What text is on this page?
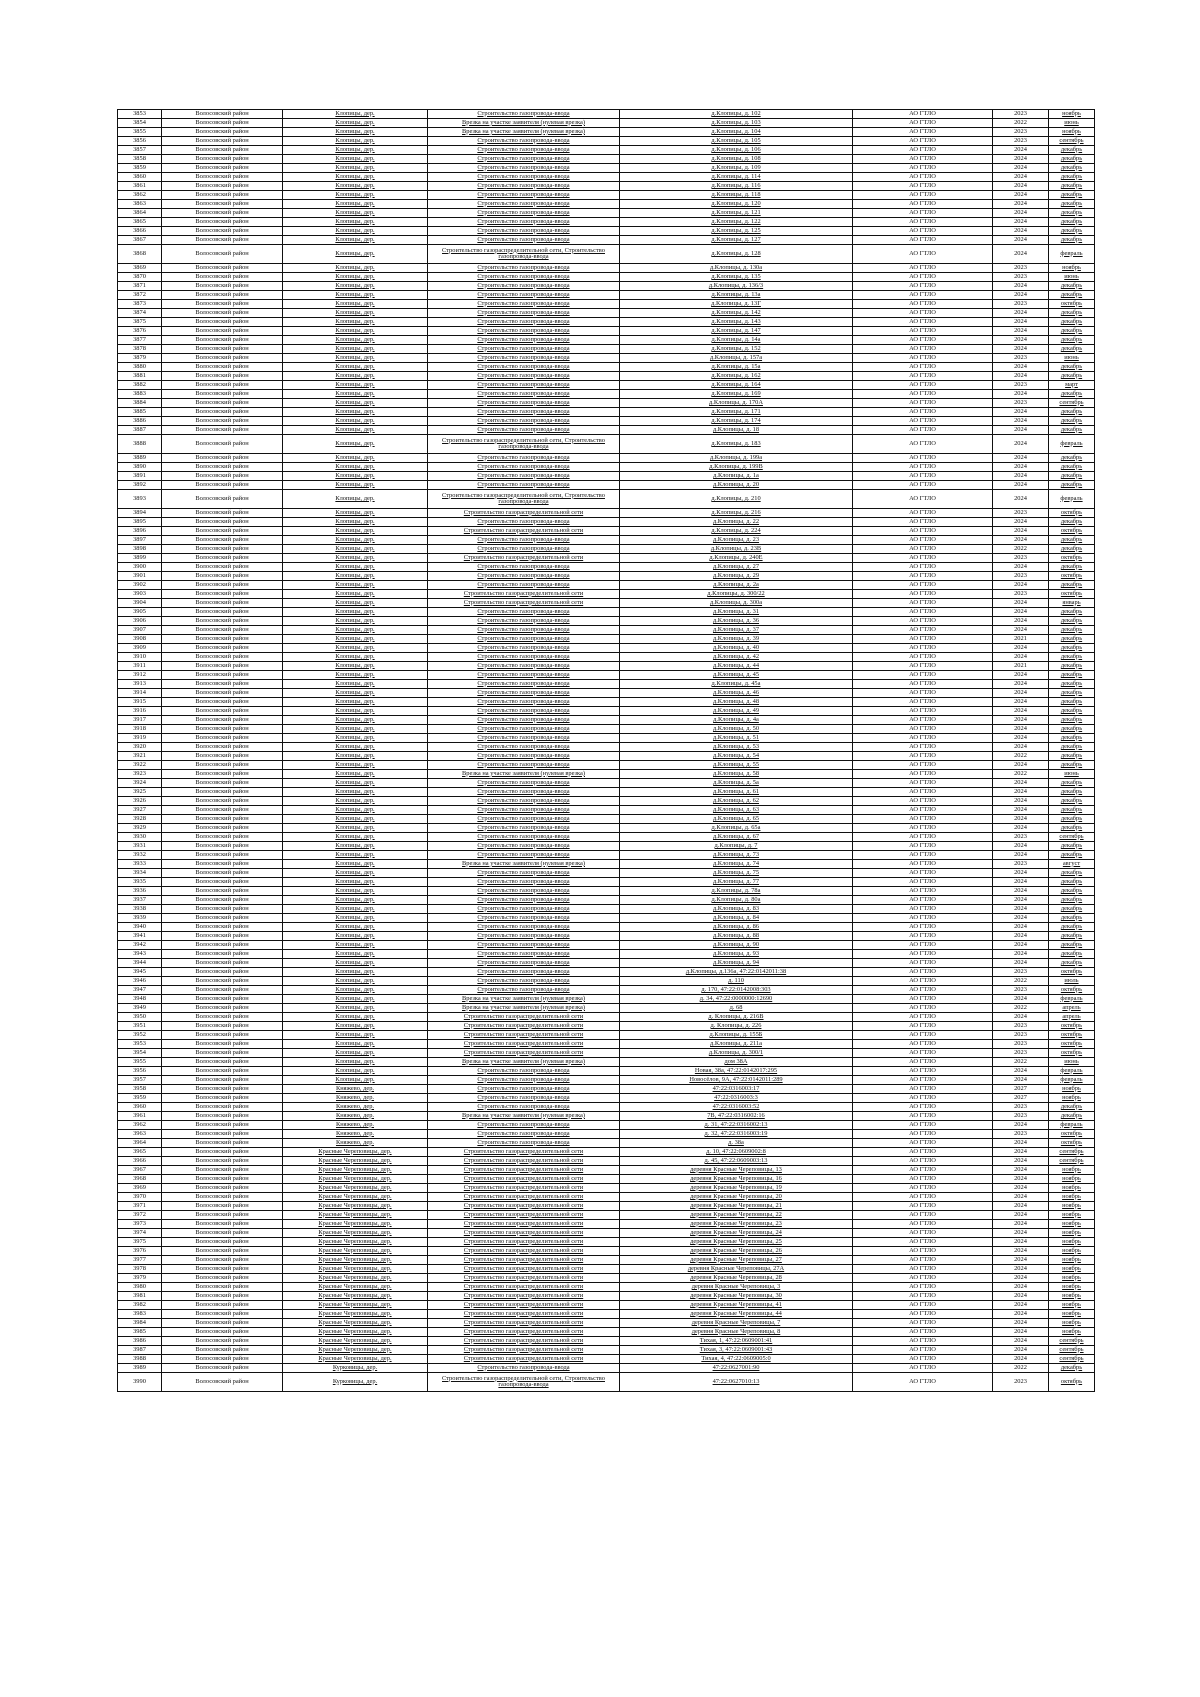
3853	Волосовский район	Клопицы, дер.	Строительство газопровода-ввода	д.Клопицы, д. 102	АО ГТЛО	2023	ноябрь
3854	Волосовский район	Клопицы, дер.	Врезка на участке заявителя (нулевая врезка)	д.Клопицы, д. 103	АО ГТЛО	2022	июнь
3855	Волосовский район	Клопицы, дер.	Врезка на участке заявителя (нулевая врезка)	д.Клопицы, д. 104	АО ГТЛО	2023	ноябрь
3856	Волосовский район	Клопицы, дер.	Строительство газопровода-ввода	д.Клопицы, д. 105	АО ГТЛО	2023	сентябрь
3857	Волосовский район	Клопицы, дер.	Строительство газопровода-ввода	д.Клопицы, д. 106	АО ГТЛО	2024	декабрь
3858	Волосовский район	Клопицы, дер.	Строительство газопровода-ввода	д.Клопицы, д. 108	АО ГТЛО	2024	декабрь
3859	Волосовский район	Клопицы, дер.	Строительство газопровода-ввода	д.Клопицы, д. 109	АО ГТЛО	2024	декабрь
3860	Волосовский район	Клопицы, дер.	Строительство газопровода-ввода	д.Клопицы, д. 114	АО ГТЛО	2024	декабрь
3861	Волосовский район	Клопицы, дер.	Строительство газопровода-ввода	д.Клопицы, д. 116	АО ГТЛО	2024	декабрь
3862	Волосовский район	Клопицы, дер.	Строительство газопровода-ввода	д.Клопицы, д. 118	АО ГТЛО	2024	декабрь
3863	Волосовский район	Клопицы, дер.	Строительство газопровода-ввода	д.Клопицы, д. 120	АО ГТЛО	2024	декабрь
3864	Волосовский район	Клопицы, дер.	Строительство газопровода-ввода	д.Клопицы, д. 121	АО ГТЛО	2024	декабрь
3865	Волосовский район	Клопицы, дер.	Строительство газопровода-ввода	д.Клопицы, д. 122	АО ГТЛО	2024	декабрь
3866	Волосовский район	Клопицы, дер.	Строительство газопровода-ввода	д.Клопицы, д. 125	АО ГТЛО	2024	декабрь
3867	Волосовский район	Клопицы, дер.	Строительство газопровода-ввода	д.Клопицы, д. 127	АО ГТЛО	2024	декабрь
3868	Волосовский район	Клопицы, дер.	Строительство газораспределительной сети, Строительство газопровода-ввода	д.Клопицы, д. 128	АО ГТЛО	2024	февраль
3869	Волосовский район	Клопицы, дер.	Строительство газопровода-ввода	д.Клопицы, д. 130а	АО ГТЛО	2023	ноябрь
3870	Волосовский район	Клопицы, дер.	Строительство газопровода-ввода	д.Клопицы, д. 135	АО ГТЛО	2023	июнь
3871	Волосовский район	Клопицы, дер.	Строительство газопровода-ввода	д.Клопицы, д. 136/3	АО ГТЛО	2024	декабрь
3872	Волосовский район	Клопицы, дер.	Строительство газопровода-ввода	д.Клопицы, д. 13а	АО ГТЛО	2024	декабрь
3873	Волосовский район	Клопицы, дер.	Строительство газопровода-ввода	д.Клопицы, д. 13Г	АО ГТЛО	2023	октябрь
3874	Волосовский район	Клопицы, дер.	Строительство газопровода-ввода	д.Клопицы, д. 142	АО ГТЛО	2024	декабрь
3875	Волосовский район	Клопицы, дер.	Строительство газопровода-ввода	д.Клопицы, д. 143	АО ГТЛО	2024	декабрь
3876	Волосовский район	Клопицы, дер.	Строительство газопровода-ввода	д.Клопицы, д. 147	АО ГТЛО	2024	декабрь
3877	Волосовский район	Клопицы, дер.	Строительство газопровода-ввода	д.Клопицы, д. 14а	АО ГТЛО	2024	декабрь
3878	Волосовский район	Клопицы, дер.	Строительство газопровода-ввода	д.Клопицы, д. 152	АО ГТЛО	2024	декабрь
3879	Волосовский район	Клопицы, дер.	Строительство газопровода-ввода	д.Клопицы, д. 157а	АО ГТЛО	2023	июнь
3880	Волосовский район	Клопицы, дер.	Строительство газопровода-ввода	д.Клопицы, д. 15а	АО ГТЛО	2024	декабрь
3881	Волосовский район	Клопицы, дер.	Строительство газопровода-ввода	д.Клопицы, д. 162	АО ГТЛО	2024	декабрь
3882	Волосовский район	Клопицы, дер.	Строительство газопровода-ввода	д.Клопицы, д. 164	АО ГТЛО	2023	март
3883	Волосовский район	Клопицы, дер.	Строительство газопровода-ввода	д.Клопицы, д. 169	АО ГТЛО	2024	декабрь
3884	Волосовский район	Клопицы, дер.	Строительство газопровода-ввода	д.Клопицы, д. 170А	АО ГТЛО	2023	сентябрь
3885	Волосовский район	Клопицы, дер.	Строительство газопровода-ввода	д.Клопицы, д. 171	АО ГТЛО	2024	декабрь
3886	Волосовский район	Клопицы, дер.	Строительство газопровода-ввода	д.Клопицы, д. 174	АО ГТЛО	2024	декабрь
3887	Волосовский район	Клопицы, дер.	Строительство газопровода-ввода	д.Клопицы, д. 18	АО ГТЛО	2024	декабрь
3888	Волосовский район	Клопицы, дер.	Строительство газораспределительной сети, Строительство газопровода-ввода	д.Клопицы, д. 183	АО ГТЛО	2024	февраль
3889	Волосовский район	Клопицы, дер.	Строительство газопровода-ввода	д.Клопицы, д. 199а	АО ГТЛО	2024	декабрь
3890	Волосовский район	Клопицы, дер.	Строительство газопровода-ввода	д.Клопицы, д. 199В	АО ГТЛО	2024	декабрь
3891	Волосовский район	Клопицы, дер.	Строительство газопровода-ввода	д.Клопицы, д. 1а	АО ГТЛО	2024	декабрь
3892	Волосовский район	Клопицы, дер.	Строительство газопровода-ввода	д.Клопицы, д. 20	АО ГТЛО	2024	декабрь
3893	Волосовский район	Клопицы, дер.	Строительство газораспределительной сети, Строительство газопровода-ввода	д.Клопицы, д. 210	АО ГТЛО	2024	февраль
3894	Волосовский район	Клопицы, дер.	Строительство газораспределительной сети	д.Клопицы, д. 216	АО ГТЛО	2023	октябрь
3895	Волосовский район	Клопицы, дер.	Строительство газопровода-ввода	д.Клопицы, д. 22	АО ГТЛО	2024	декабрь
3896	Волосовский район	Клопицы, дер.	Строительство газораспределительной сети	д.Клопицы, д. 224	АО ГТЛО	2024	октябрь
3897	Волосовский район	Клопицы, дер.	Строительство газопровода-ввода	д.Клопицы, д. 23	АО ГТЛО	2024	декабрь
3898	Волосовский район	Клопицы, дер.	Строительство газопровода-ввода	д.Клопицы, д. 23В	АО ГТЛО	2022	декабрь
3899	Волосовский район	Клопицы, дер.	Строительство газораспределительной сети	д.Клопицы, д. 240Е	АО ГТЛО	2023	октябрь
3900	Волосовский район	Клопицы, дер.	Строительство газопровода-ввода	д.Клопицы, д. 27	АО ГТЛО	2024	декабрь
3901	Волосовский район	Клопицы, дер.	Строительство газопровода-ввода	д.Клопицы, д. 29	АО ГТЛО	2023	октябрь
3902	Волосовский район	Клопицы, дер.	Строительство газопровода-ввода	д.Клопицы, д. 2а	АО ГТЛО	2024	декабрь
3903	Волосовский район	Клопицы, дер.	Строительство газораспределительной сети	д.Клопицы, д. 300/22	АО ГТЛО	2023	октябрь
3904	Волосовский район	Клопицы, дер.	Строительство газораспределительной сети	д.Клопицы, д. 300а	АО ГТЛО	2024	январь
3905	Волосовский район	Клопицы, дер.	Строительство газопровода-ввода	д.Клопицы, д. 31	АО ГТЛО	2024	декабрь
3906	Волосовский район	Клопицы, дер.	Строительство газопровода-ввода	д.Клопицы, д. 36	АО ГТЛО	2024	декабрь
3907	Волосовский район	Клопицы, дер.	Строительство газопровода-ввода	д.Клопицы, д. 37	АО ГТЛО	2024	декабрь
3908	Волосовский район	Клопицы, дер.	Строительство газопровода-ввода	д.Клопицы, д. 39	АО ГТЛО	2021	декабрь
3909	Волосовский район	Клопицы, дер.	Строительство газопровода-ввода	д.Клопицы, д. 40	АО ГТЛО	2024	декабрь
3910	Волосовский район	Клопицы, дер.	Строительство газопровода-ввода	д.Клопицы, д. 42	АО ГТЛО	2024	декабрь
3911	Волосовский район	Клопицы, дер.	Строительство газопровода-ввода	д.Клопицы, д. 44	АО ГТЛО	2021	декабрь
3912	Волосовский район	Клопицы, дер.	Строительство газопровода-ввода	д.Клопицы, д. 45	АО ГТЛО	2024	декабрь
3913	Волосовский район	Клопицы, дер.	Строительство газопровода-ввода	д.Клопицы, д. 45а	АО ГТЛО	2024	декабрь
3914	Волосовский район	Клопицы, дер.	Строительство газопровода-ввода	д.Клопицы, д. 46	АО ГТЛО	2024	декабрь
3915	Волосовский район	Клопицы, дер.	Строительство газопровода-ввода	д.Клопицы, д. 48	АО ГТЛО	2024	декабрь
3916	Волосовский район	Клопицы, дер.	Строительство газопровода-ввода	д.Клопицы, д. 49	АО ГТЛО	2024	декабрь
3917	Волосовский район	Клопицы, дер.	Строительство газопровода-ввода	д.Клопицы, д. 4а	АО ГТЛО	2024	декабрь
3918	Волосовский район	Клопицы, дер.	Строительство газопровода-ввода	д.Клопицы, д. 50	АО ГТЛО	2024	декабрь
3919	Волосовский район	Клопицы, дер.	Строительство газопровода-ввода	д.Клопицы, д. 51	АО ГТЛО	2024	декабрь
3920	Волосовский район	Клопицы, дер.	Строительство газопровода-ввода	д.Клопицы, д. 53	АО ГТЛО	2024	декабрь
3921	Волосовский район	Клопицы, дер.	Строительство газопровода-ввода	д.Клопицы, д. 54	АО ГТЛО	2022	декабрь
3922	Волосовский район	Клопицы, дер.	Строительство газопровода-ввода	д.Клопицы, д. 55	АО ГТЛО	2024	декабрь
3923	Волосовский район	Клопицы, дер.	Врезка на участке заявителя (нулевая врезка)	д.Клопицы, д. 58	АО ГТЛО	2022	июнь
3924	Волосовский район	Клопицы, дер.	Строительство газопровода-ввода	д.Клопицы, д. 5а	АО ГТЛО	2024	декабрь
3925	Волосовский район	Клопицы, дер.	Строительство газопровода-ввода	д.Клопицы, д. 61	АО ГТЛО	2024	декабрь
3926	Волосовский район	Клопицы, дер.	Строительство газопровода-ввода	д.Клопицы, д. 62	АО ГТЛО	2024	декабрь
3927	Волосовский район	Клопицы, дер.	Строительство газопровода-ввода	д.Клопицы, д. 63	АО ГТЛО	2024	декабрь
3928	Волосовский район	Клопицы, дер.	Строительство газопровода-ввода	д.Клопицы, д. 65	АО ГТЛО	2024	декабрь
3929	Волосовский район	Клопицы, дер.	Строительство газопровода-ввода	д.Клопицы, д. 65а	АО ГТЛО	2024	декабрь
3930	Волосовский район	Клопицы, дер.	Строительство газопровода-ввода	д.Клопицы, д. 67	АО ГТЛО	2023	сентябрь
3931	Волосовский район	Клопицы, дер.	Строительство газопровода-ввода	д.Клопицы, д. 7	АО ГТЛО	2024	декабрь
3932	Волосовский район	Клопицы, дер.	Строительство газопровода-ввода	д.Клопицы, д. 73	АО ГТЛО	2024	декабрь
3933	Волосовский район	Клопицы, дер.	Врезка на участке заявителя (нулевая врезка)	д.Клопицы, д. 74	АО ГТЛО	2023	август
3934	Волосовский район	Клопицы, дер.	Строительство газопровода-ввода	д.Клопицы, д. 75	АО ГТЛО	2024	декабрь
3935	Волосовский район	Клопицы, дер.	Строительство газопровода-ввода	д.Клопицы, д. 77	АО ГТЛО	2024	декабрь
3936	Волосовский район	Клопицы, дер.	Строительство газопровода-ввода	д.Клопицы, д. 78а	АО ГТЛО	2024	декабрь
3937	Волосовский район	Клопицы, дер.	Строительство газопровода-ввода	д.Клопицы, д. 80а	АО ГТЛО	2024	декабрь
3938	Волосовский район	Клопицы, дер.	Строительство газопровода-ввода	д.Клопицы, д. 83	АО ГТЛО	2024	декабрь
3939	Волосовский район	Клопицы, дер.	Строительство газопровода-ввода	д.Клопицы, д. 84	АО ГТЛО	2024	декабрь
3940	Волосовский район	Клопицы, дер.	Строительство газопровода-ввода	д.Клопицы, д. 86	АО ГТЛО	2024	декабрь
3941	Волосовский район	Клопицы, дер.	Строительство газопровода-ввода	д.Клопицы, д. 88	АО ГТЛО	2024	декабрь
3942	Волосовский район	Клопицы, дер.	Строительство газопровода-ввода	д.Клопицы, д. 90	АО ГТЛО	2024	декабрь
3943	Волосовский район	Клопицы, дер.	Строительство газопровода-ввода	д.Клопицы, д. 93	АО ГТЛО	2024	декабрь
3944	Волосовский район	Клопицы, дер.	Строительство газопровода-ввода	д.Клопицы, д. 94	АО ГТЛО	2024	декабрь
3945	Волосовский район	Клопицы, дер.	Строительство газопровода-ввода	д.Клопицы, д.136а, 47:22:0142011:38	АО ГТЛО	2023	октябрь
3946	Волосовский район	Клопицы, дер.	Строительство газопровода-ввода	д. 110	АО ГТЛО	2022	июль
3947	Волосовский район	Клопицы, дер.	Строительство газопровода-ввода	д. 170, 47:22:0142008:303	АО ГТЛО	2023	октябрь
3948	Волосовский район	Клопицы, дер.	Врезка на участке заявителя (нулевая врезка)	д. 34, 47:22:0000000:12690	АО ГТЛО	2024	февраль
3949	Волосовский район	Клопицы, дер.	Врезка на участке заявителя (нулевая врезка)	д. 68	АО ГТЛО	2022	апрель
3950	Волосовский район	Клопицы, дер.	Строительство газораспределительной сети	д. Клопицы, д. 216В	АО ГТЛО	2024	апрель
3951	Волосовский район	Клопицы, дер.	Строительство газораспределительной сети	д. Клопицы, д. 226	АО ГТЛО	2023	октябрь
3952	Волосовский район	Клопицы, дер.	Строительство газораспределительной сети	д.Клопицы, д. 155Б	АО ГТЛО	2023	октябрь
3953	Волосовский район	Клопицы, дер.	Строительство газораспределительной сети	д.Клопицы, д. 211а	АО ГТЛО	2023	октябрь
3954	Волосовский район	Клопицы, дер.	Строительство газораспределительной сети	д.Клопицы, д. 300/1	АО ГТЛО	2023	октябрь
3955	Волосовский район	Клопицы, дер.	Врезка на участке заявителя (нулевая врезка)	дом 38А	АО ГТЛО	2022	июнь
3956	Волосовский район	Клопицы, дер.	Строительство газопровода-ввода	Новая, 38а, 47:22:0142017:295	АО ГТЛО	2024	февраль
3957	Волосовский район	Клопицы, дер.	Строительство газопровода-ввода	Новосёлов, 9А, 47:22:0142011:289	АО ГТЛО	2024	февраль
3958	Волосовский район	Княжево, дер.	Строительство газопровода-ввода	47:22:0316003:17	АО ГТЛО	2027	ноябрь
3959	Волосовский район	Княжево, дер.	Строительство газопровода-ввода	47:22:0316003:3	АО ГТЛО	2027	ноябрь
3960	Волосовский район	Княжево, дер.	Строительство газопровода-ввода	47:22:0316003:52	АО ГТЛО	2023	декабрь
3961	Волосовский район	Княжево, дер.	Врезка на участке заявителя (нулевая врезка)	7В, 47:22:0316002:16	АО ГТЛО	2023	декабрь
3962	Волосовский район	Княжево, дер.	Строительство газопровода-ввода	д. 31, 47:22:0316002:13	АО ГТЛО	2024	февраль
3963	Волосовский район	Княжево, дер.	Строительство газопровода-ввода	д. 32, 47:22:0316003:19	АО ГТЛО	2023	октябрь
3964	Волосовский район	Княжево, дер.	Строительство газопровода-ввода	д. 38а	АО ГТЛО	2024	октябрь
3965	Волосовский район	Красные Череповицы, дер.	Строительство газораспределительной сети	д. 10, 47:22:0609002:8	АО ГТЛО	2024	сентябрь
3966	Волосовский район	Красные Череповицы, дер.	Строительство газораспределительной сети	д. 45, 47:22:0609003:13	АО ГТЛО	2024	сентябрь
3967	Волосовский район	Красные Череповицы, дер.	Строительство газораспределительной сети	деревня Красные Череповицы, 13	АО ГТЛО	2024	ноябрь
3968	Волосовский район	Красные Череповицы, дер.	Строительство газораспределительной сети	деревня Красные Череповицы, 16	АО ГТЛО	2024	ноябрь
3969	Волосовский район	Красные Череповицы, дер.	Строительство газораспределительной сети	деревня Красные Череповицы, 19	АО ГТЛО	2024	ноябрь
3970	Волосовский район	Красные Череповицы, дер.	Строительство газораспределительной сети	деревня Красные Череповицы, 20	АО ГТЛО	2024	ноябрь
3971	Волосовский район	Красные Череповицы, дер.	Строительство газораспределительной сети	деревня Красные Череповицы, 21	АО ГТЛО	2024	ноябрь
3972	Волосовский район	Красные Череповицы, дер.	Строительство газораспределительной сети	деревня Красные Череповицы, 22	АО ГТЛО	2024	ноябрь
3973	Волосовский район	Красные Череповицы, дер.	Строительство газораспределительной сети	деревня Красные Череповицы, 23	АО ГТЛО	2024	ноябрь
3974	Волосовский район	Красные Череповицы, дер.	Строительство газораспределительной сети	деревня Красные Череповицы, 24	АО ГТЛО	2024	ноябрь
3975	Волосовский район	Красные Череповицы, дер.	Строительство газораспределительной сети	деревня Красные Череповицы, 25	АО ГТЛО	2024	ноябрь
3976	Волосовский район	Красные Череповицы, дер.	Строительство газораспределительной сети	деревня Красные Череповицы, 26	АО ГТЛО	2024	ноябрь
3977	Волосовский район	Красные Череповицы, дер.	Строительство газораспределительной сети	деревня Красные Череповицы, 27	АО ГТЛО	2024	ноябрь
3978	Волосовский район	Красные Череповицы, дер.	Строительство газораспределительной сети	деревня Красные Череповицы, 27А	АО ГТЛО	2024	ноябрь
3979	Волосовский район	Красные Череповицы, дер.	Строительство газораспределительной сети	деревня Красные Череповицы, 28	АО ГТЛО	2024	ноябрь
3980	Волосовский район	Красные Череповицы, дер.	Строительство газораспределительной сети	деревня Красные Череповицы, 3	АО ГТЛО	2024	ноябрь
3981	Волосовский район	Красные Череповицы, дер.	Строительство газораспределительной сети	деревня Красные Череповицы, 30	АО ГТЛО	2024	ноябрь
3982	Волосовский район	Красные Череповицы, дер.	Строительство газораспределительной сети	деревня Красные Череповицы, 41	АО ГТЛО	2024	ноябрь
3983	Волосовский район	Красные Череповицы, дер.	Строительство газораспределительной сети	деревня Красные Череповицы, 44	АО ГТЛО	2024	ноябрь
3984	Волосовский район	Красные Череповицы, дер.	Строительство газораспределительной сети	деревня Красные Череповицы, 7	АО ГТЛО	2024	ноябрь
3985	Волосовский район	Красные Череповицы, дер.	Строительство газораспределительной сети	деревня Красные Череповицы, 8	АО ГТЛО	2024	ноябрь
3986	Волосовский район	Красные Череповицы, дер.	Строительство газораспределительной сети	Тихая, 1, 47:22:0609001:41	АО ГТЛО	2024	сентябрь
3987	Волосовский район	Красные Череповицы, дер.	Строительство газораспределительной сети	Тихая, 3, 47:22:0609001:43	АО ГТЛО	2024	сентябрь
3988	Волосовский район	Красные Череповицы, дер.	Строительство газораспределительной сети	Тихая, 4, 47:22:0609005:0	АО ГТЛО	2024	сентябрь
3989	Волосовский район	Курковицы, дер.	Строительство газопровода-ввода	47:22:0627001:90	АО ГТЛО	2022	декабрь
3990	Волосовский район	Курковицы, дер.	Строительство газораспределительной сети, Строительство газопровода-ввода	47:22:0627010:13	АО ГТЛО	2023	октябрь
